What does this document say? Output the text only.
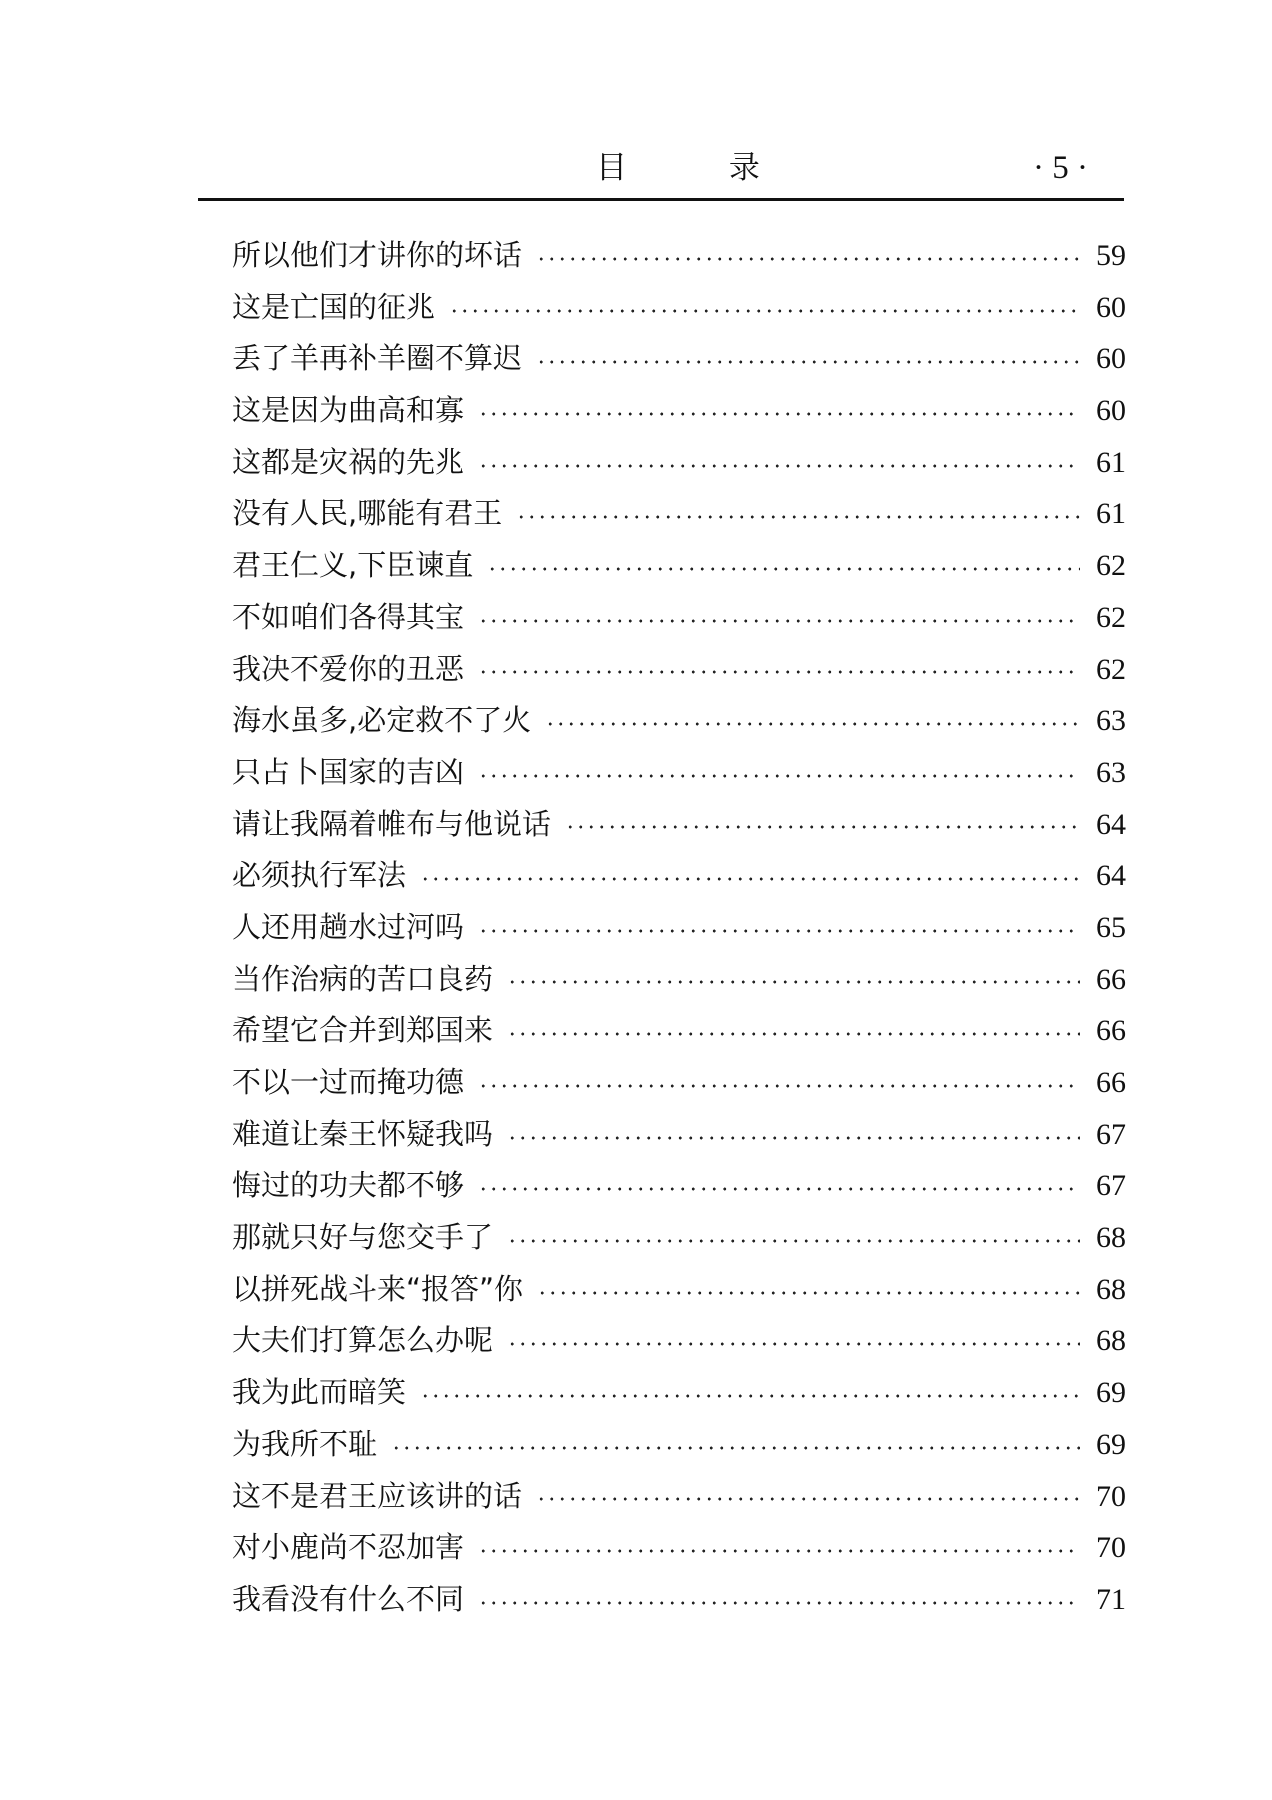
目 录	· 5 ·
所以他们才讲你的坏话	59
这是亡国的征兆	60
丢了羊再补羊圈不算迟	60
这是因为曲高和寡	60
这都是灾祸的先兆	61
没有人民,哪能有君王	61
君王仁义,下臣谏直	62
不如咱们各得其宝	62
我决不爱你的丑恶	62
海水虽多,必定救不了火	63
只占卜国家的吉凶	63
请让我隔着帷布与他说话	64
必须执行军法	64
人还用趟水过河吗	65
当作治病的苦口良药	66
希望它合并到郑国来	66
不以一过而掩功德	66
难道让秦王怀疑我吗	67
悔过的功夫都不够	67
那就只好与您交手了	68
以拼死战斗来“报答”你	68
大夫们打算怎么办呢	68
我为此而暗笑	69
为我所不耻	69
这不是君王应该讲的话	70
对小鹿尚不忍加害	70
我看没有什么不同	71
